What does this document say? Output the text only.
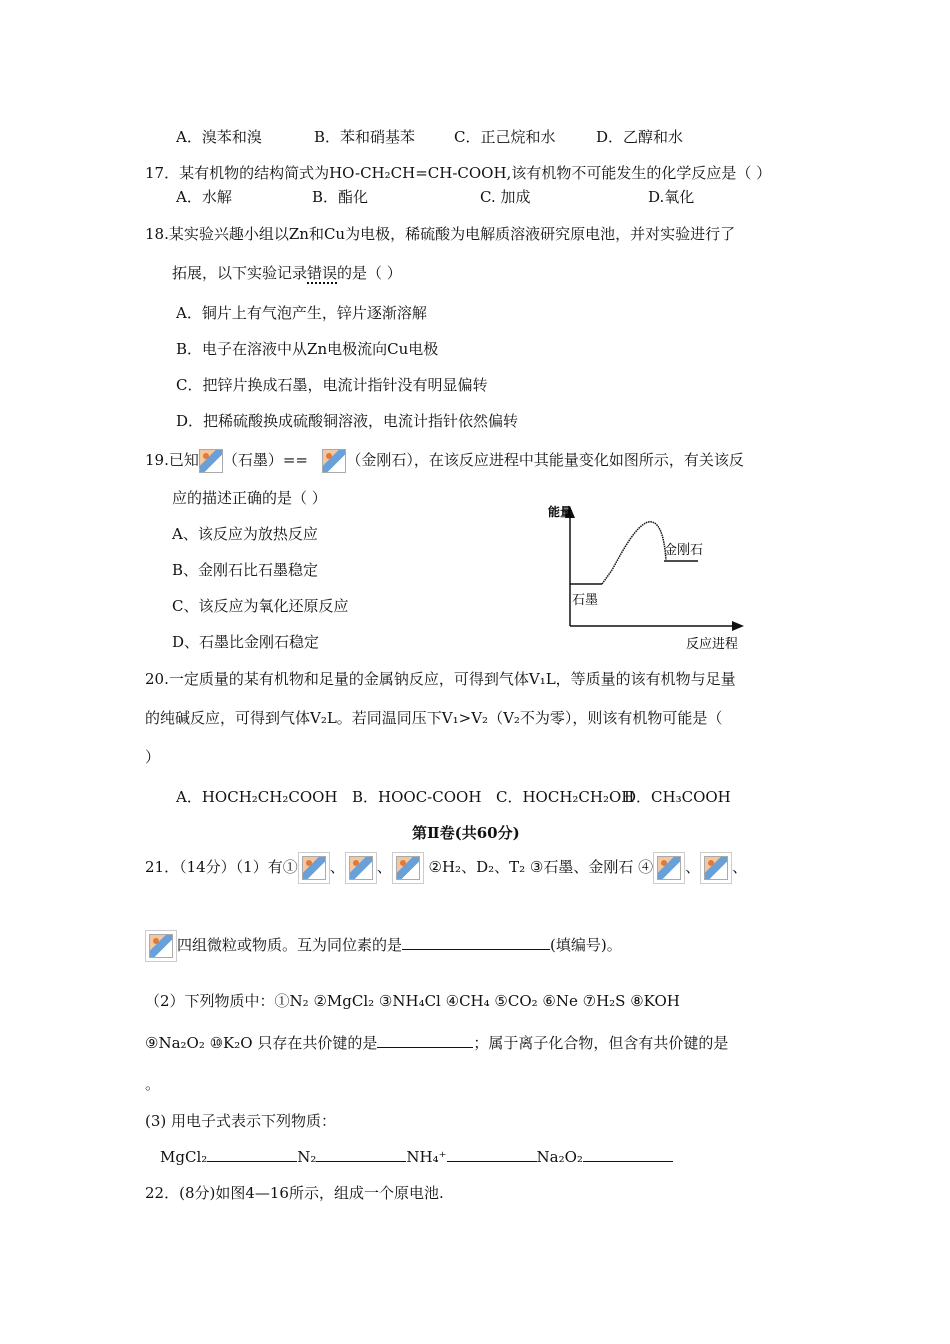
A．溴苯和溴	B．苯和硝基苯	C．正己烷和水	D．乙醇和水
17．某有机物的结构简式为HO-CH₂CH=CH-COOH,该有机物不可能发生的化学反应是（ ）
A．水解	B．酯化	C. 加成	D.氧化
18.某实验兴趣小组以Zn和Cu为电极，稀硫酸为电解质溶液研究原电池，并对实验进行了
拓展，以下实验记录错误的是（ ）
A．铜片上有气泡产生，锌片逐渐溶解
B．电子在溶液中从Zn电极流向Cu电极
C．把锌片换成石墨，电流计指针没有明显偏转
D．把稀硫酸换成硫酸铜溶液，电流计指针依然偏转
19.已知 （石墨）==	（金刚石），在该反应进程中其能量变化如图所示，有关该反
应的描述正确的是（ ）
A、该反应为放热反应
B、金刚石比石墨稳定
C、该反应为氧化还原反应
D、石墨比金刚石稳定
能量
石墨
金刚石
反应进程
20.一定质量的某有机物和足量的金属钠反应，可得到气体V₁L，等质量的该有机物与足量
的纯碱反应，可得到气体V₂L。若同温同压下V₁>V₂（V₂不为零），则该有机物可能是（
）
A．HOCH₂CH₂COOH B．HOOC-COOH C．HOCH₂CH₂OHD．CH₃COOH
第Ⅱ卷(共60分)
21．（14分）（1）有① 、 、 ②H₂、D₂、T₂ ③石墨、金刚石 ④ 、 、
四组微粒或物质。互为同位素的是	(填编号)。
（2）下列物质中：①N₂ ②MgCl₂ ③NH₄Cl ④CH₄ ⑤CO₂ ⑥Ne ⑦H₂S ⑧KOH
⑨Na₂O₂ ⑩K₂O 只存在共价键的是	；属于离子化合物，但含有共价键的是
。
(3) 用电子式表示下列物质：
MgCl₂	N₂	NH₄⁺	Na₂O₂
22．(8分)如图4—16所示，组成一个原电池.
